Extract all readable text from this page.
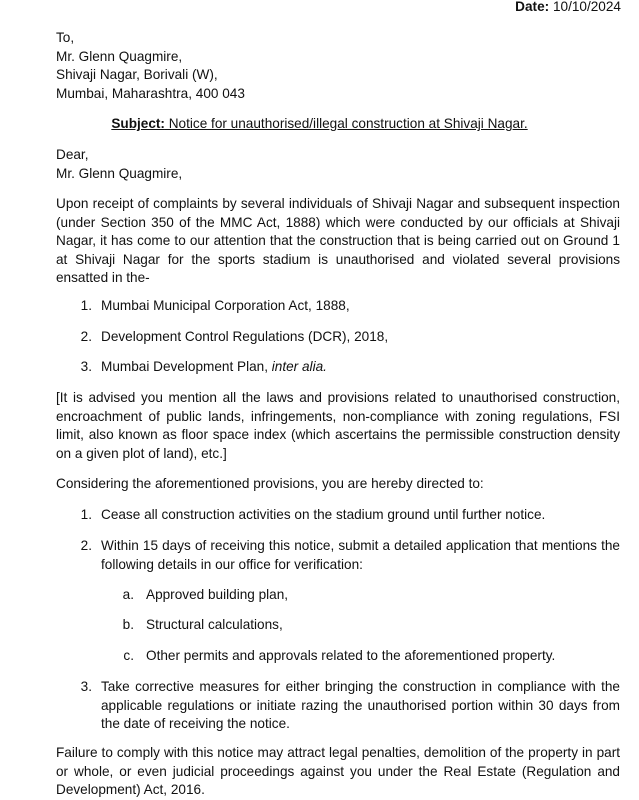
Date: 10/10/2024
To,
Mr. Glenn Quagmire,
Shivaji Nagar, Borivali (W),
Mumbai, Maharashtra, 400 043
Subject: Notice for unauthorised/illegal construction at Shivaji Nagar.
Dear,
Mr. Glenn Quagmire,
Upon receipt of complaints by several individuals of Shivaji Nagar and subsequent inspection (under Section 350 of the MMC Act, 1888) which were conducted by our officials at Shivaji Nagar, it has come to our attention that the construction that is being carried out on Ground 1 at Shivaji Nagar for the sports stadium is unauthorised and violated several provisions ensatted in the-
1. Mumbai Municipal Corporation Act, 1888,
2. Development Control Regulations (DCR), 2018,
3. Mumbai Development Plan, inter alia.
[It is advised you mention all the laws and provisions related to unauthorised construction, encroachment of public lands, infringements, non-compliance with zoning regulations, FSI limit, also known as floor space index (which ascertains the permissible construction density on a given plot of land), etc.]
Considering the aforementioned provisions, you are hereby directed to:
1. Cease all construction activities on the stadium ground until further notice.
2. Within 15 days of receiving this notice, submit a detailed application that mentions the following details in our office for verification:
a. Approved building plan,
b. Structural calculations,
c. Other permits and approvals related to the aforementioned property.
3. Take corrective measures for either bringing the construction in compliance with the applicable regulations or initiate razing the unauthorised portion within 30 days from the date of receiving the notice.
Failure to comply with this notice may attract legal penalties, demolition of the property in part or whole, or even judicial proceedings against you under the Real Estate (Regulation and Development) Act, 2016.
